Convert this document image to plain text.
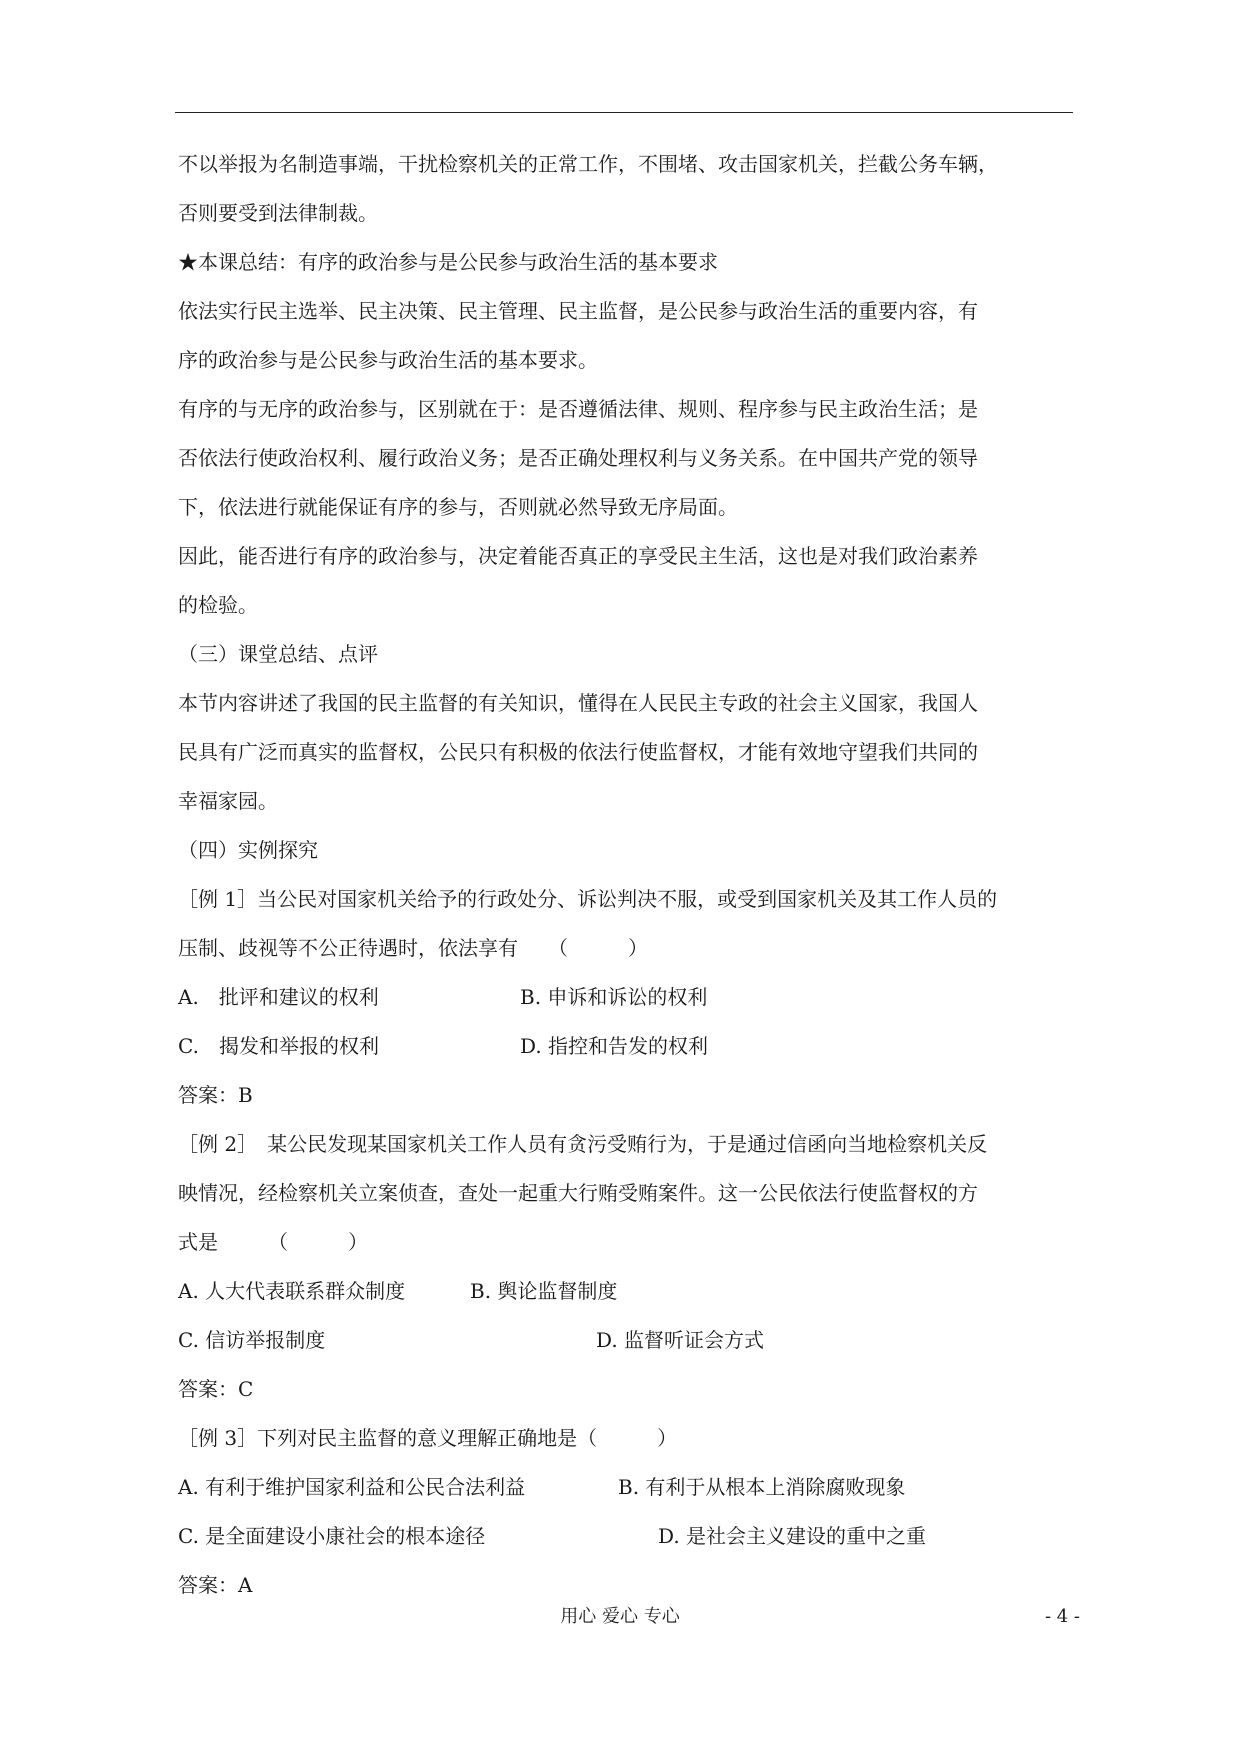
不以举报为名制造事端，干扰检察机关的正常工作，不围堵、攻击国家机关，拦截公务车辆，
否则要受到法律制裁。
★本课总结：有序的政治参与是公民参与政治生活的基本要求
依法实行民主选举、民主决策、民主管理、民主监督，是公民参与政治生活的重要内容，有
序的政治参与是公民参与政治生活的基本要求。
有序的与无序的政治参与，区别就在于：是否遵循法律、规则、程序参与民主政治生活；是
否依法行使政治权利、履行政治义务；是否正确处理权利与义务关系。在中国共产党的领导
下，依法进行就能保证有序的参与，否则就必然导致无序局面。
因此，能否进行有序的政治参与，决定着能否真正的享受民主生活，这也是对我们政治素养
的检验。
（三）课堂总结、点评
本节内容讲述了我国的民主监督的有关知识，懂得在人民民主专政的社会主义国家，我国人
民具有广泛而真实的监督权，公民只有积极的依法行使监督权，才能有效地守望我们共同的
幸福家园。
（四）实例探究
［例 1］当公民对国家机关给予的行政处分、诉讼判决不服，或受到国家机关及其工作人员的
压制、歧视等不公正待遇时，依法享有　　（　　　）
A.　批评和建议的权利	B. 申诉和诉讼的权利
C.　揭发和举报的权利	D. 指控和告发的权利
答案：B
［例 2］　某公民发现某国家机关工作人员有贪污受贿行为，于是通过信函向当地检察机关反
映情况，经检察机关立案侦查，查处一起重大行贿受贿案件。这一公民依法行使监督权的方
式是　　　（　　　）
A. 人大代表联系群众制度	B. 舆论监督制度
C. 信访举报制度	D. 监督听证会方式
答案：C
［例 3］下列对民主监督的意义理解正确地是（　　　）
A. 有利于维护国家利益和公民合法利益	B. 有利于从根本上消除腐败现象
C. 是全面建设小康社会的根本途径	D. 是社会主义建设的重中之重
答案：A
用心 爱心 专心	- 4 -
